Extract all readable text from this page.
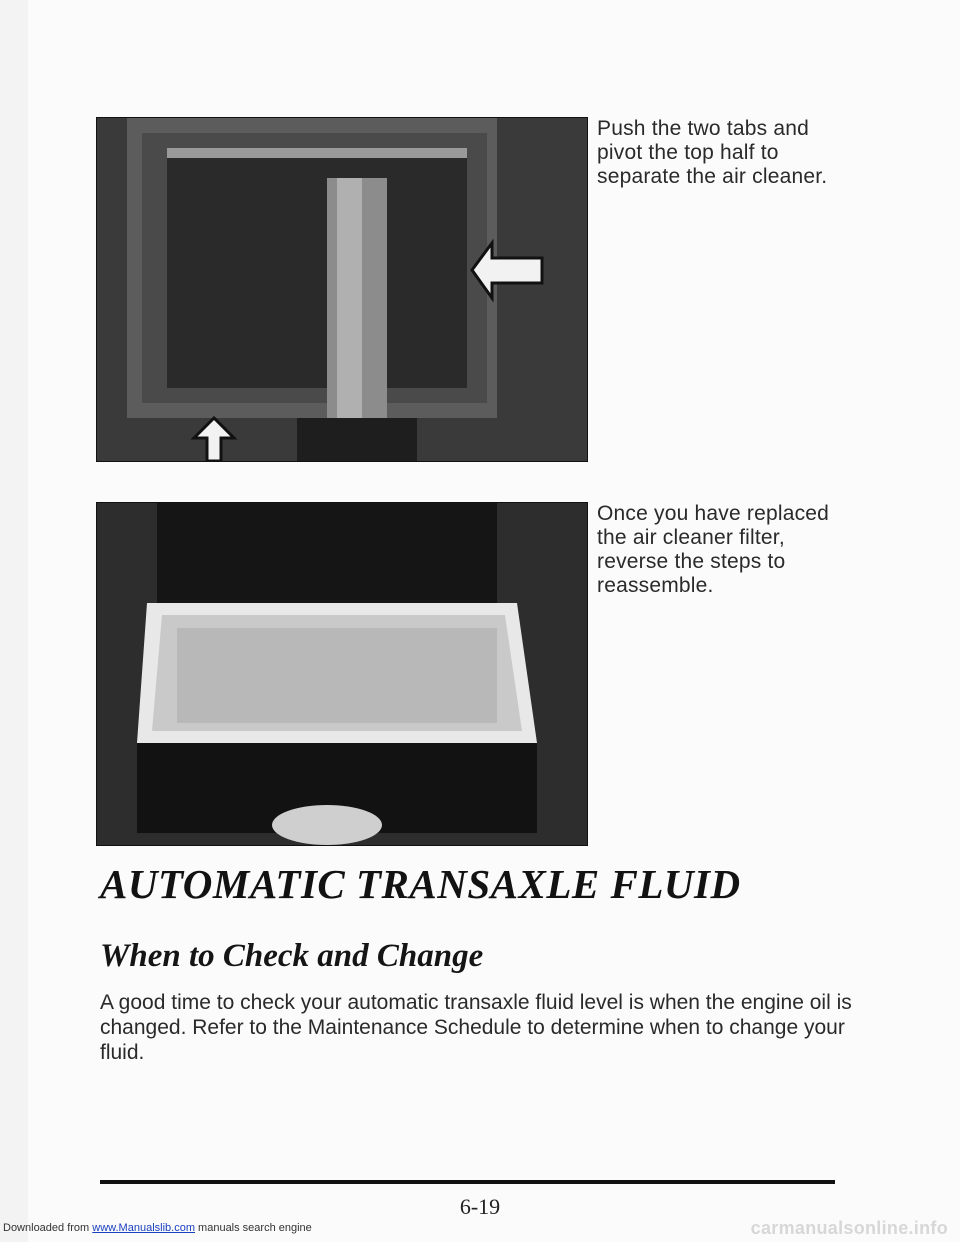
Push the two tabs and pivot the top half to separate the air cleaner.
Once you have replaced the air cleaner filter, reverse the steps to reassemble.
AUTOMATIC TRANSAXLE FLUID
When to Check and Change
A good time to check your automatic transaxle fluid level is when the engine oil is changed. Refer to the Maintenance Schedule to determine when to change your fluid.
6-19
Downloaded from www.Manualslib.com manuals search engine	carmanualsonline.info
